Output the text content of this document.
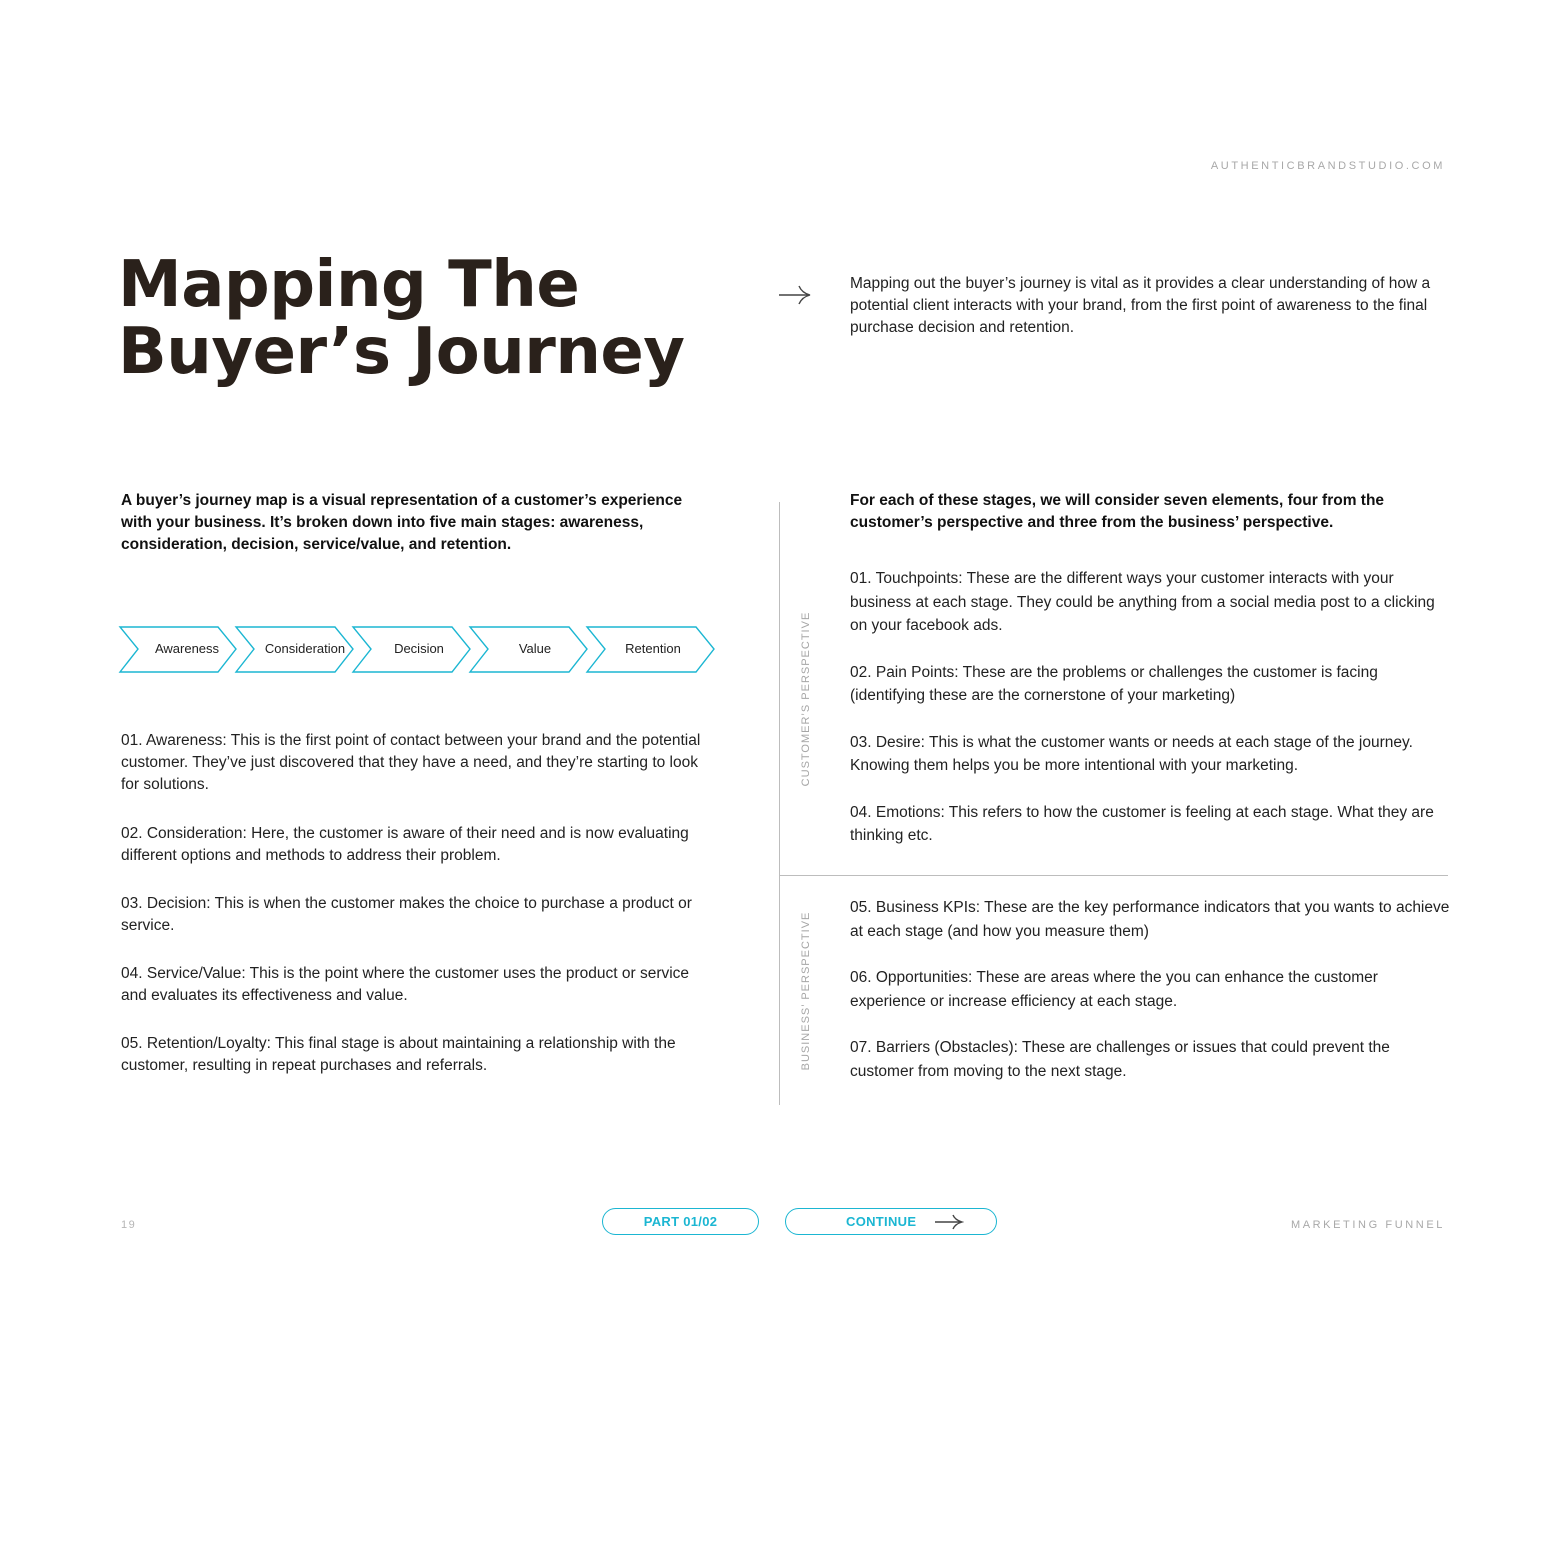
AUTHENTICBRANDSTUDIO.COM
Mapping The
Buyer’s Journey
Mapping out the buyer’s journey is vital as it provides a clear understanding of how a potential client interacts with your brand, from the first point of awareness to the final purchase decision and retention.
A buyer’s journey map is a visual representation of a customer’s experience with your business. It’s broken down into five main stages: awareness, consideration, decision, service/value, and retention.
Awareness	Consideration	Decision	Value	Retention

01. Awareness: This is the first point of contact between your brand and the potential customer. They’ve just discovered that they have a need, and they’re starting to look for solutions.

02. Consideration: Here, the customer is aware of their need and is now evaluating different options and methods to address their problem.

03. Decision: This is when the customer makes the choice to purchase a product or service.

04. Service/Value: This is the point where the customer uses the product or service and evaluates its effectiveness and value.

05. Retention/Loyalty: This final stage is about maintaining a relationship with the customer, resulting in repeat purchases and referrals.

CUSTOMER’S PERSPECTIVE
BUSINESS’ PERSPECTIVE
For each of these stages, we will consider seven elements, four from the customer’s perspective and three from the business’ perspective.

01. Touchpoints: These are the different ways your customer interacts with your business at each stage. They could be anything from a social media post to a clicking on your facebook ads.

02. Pain Points: These are the problems or challenges the customer is facing (identifying these are the cornerstone of your marketing)

03. Desire: This is what the customer wants or needs at each stage of the journey. Knowing them helps you be more intentional with your marketing.

04. Emotions: This refers to how the customer is feeling at each stage. What they are thinking etc.

05. Business KPIs: These are the key performance indicators that you wants to achieve at each stage (and how you measure them)

06. Opportunities: These are areas where the you can enhance the customer experience or increase efficiency at each stage.

07. Barriers (Obstacles): These are challenges or issues that could prevent the customer from moving to the next stage.

19	PART 01/02	CONTINUE	MARKETING FUNNEL
